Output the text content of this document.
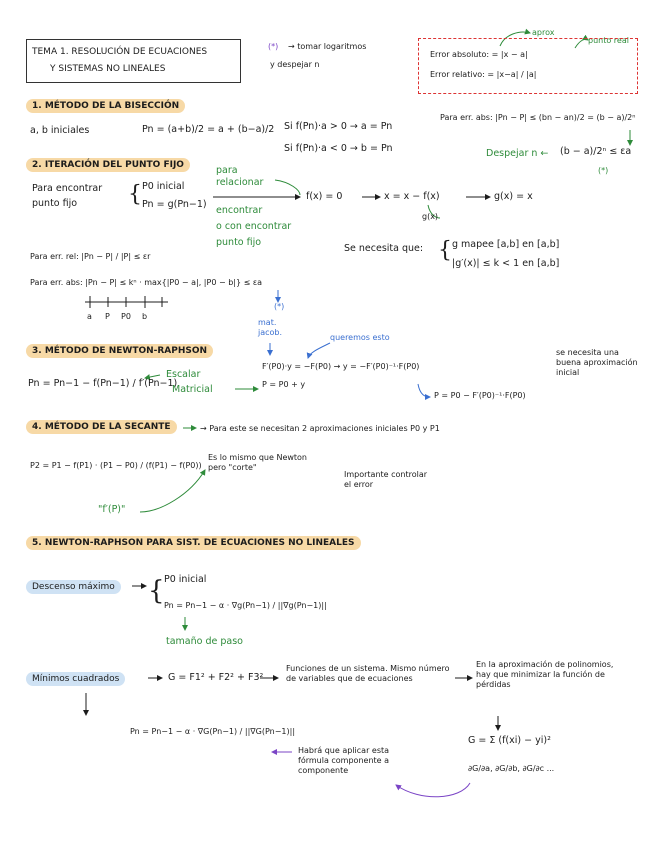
TEMA 1. RESOLUCIÓN DE ECUACIONES
Y SISTEMAS NO LINEALES
(*) → tomar logaritmos
y despejar n
aprox
punto real
Error absoluto: = |x − a|
Error relativo: = |x−a| / |a|
1. MÉTODO DE LA BISECCIÓN
a, b iniciales	Pn = (a+b)/2 = a + (b−a)/2 Si f(Pn)·a > 0 → a = Pn
Si f(Pn)·a < 0 → b = Pn
Para err. abs: |Pn − P| ≤ (bn − an)/2 = (b − a)/2ⁿ
Despejar n ← (b − a)/2ⁿ ≤ εa
(*)
2. ITERACIÓN DEL PUNTO FIJO
Para encontrar
punto fijo { P0 inicial
Pn = g(Pn−1)
para
relacionar
encontrar
o con encontrar
punto fijo
f(x) = 0	x = x − f(x)	g(x) = x
g(x)
Para err. rel: |Pn − P| / |P| ≤ εr
Para err. abs: |Pn − P| ≤ kⁿ · max{|P0 − a|, |P0 − b|} ≤ εa
(*)
Se necesita que: { g mapee [a,b] en [a,b]
|g′(x)| ≤ k < 1 en [a,b]
a P P0 b
3. MÉTODO DE NEWTON-RAPHSON
Pn = Pn−1 − f(Pn−1) / f′(Pn−1)
Escalar
Matricial
mat. jacob.
queremos esto
F′(P0)·y = −F(P0) → y = −F′(P0)⁻¹·F(P0)
P = P0 + y
P = P0 − F′(P0)⁻¹·F(P0)
se necesita una buena aproximación inicial
4. MÉTODO DE LA SECANTE	→ Para este se necesitan 2 aproximaciones iniciales P0 y P1
P2 = P1 − f(P1) · (P1 − P0) / (f(P1) − f(P0))
Es lo mismo que Newton pero "corte"
"f′(P)"
Importante controlar el error
5. NEWTON-RAPHSON PARA SIST. DE ECUACIONES NO LINEALES
Descenso máximo { P0 inicial
Pn = Pn−1 − α · ∇g(Pn−1) / ||∇g(Pn−1)||
tamaño de paso
Mínimos cuadrados	G = F1² + F2² + F3²
Funciones de un sistema. Mismo número de variables que de ecuaciones
En la aproximación de polinomios, hay que minimizar la función de pérdidas
G = Σ (f(xi) − yi)²
∂G/∂a, ∂G/∂b, ∂G/∂c ...
Pn = Pn−1 − α · ∇G(Pn−1) / ||∇G(Pn−1)||
Habrá que aplicar esta fórmula componente a componente
